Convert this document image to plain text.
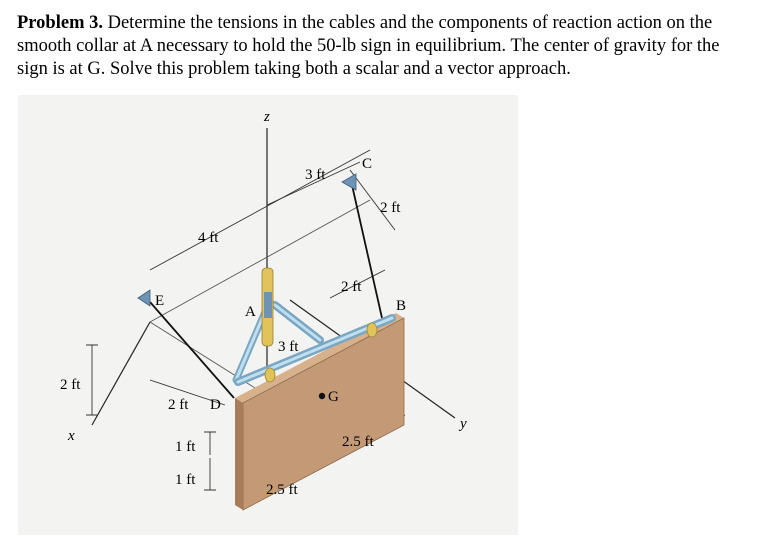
Problem 3. Determine the tensions in the cables and the components of reaction action on the smooth collar at A necessary to hold the 50-lb sign in equilibrium. The center of gravity for the sign is at G. Solve this problem taking both a scalar and a vector approach.

z
x
y
C
E
A	B
D	G
3 ft
2 ft
4 ft
2 ft
3 ft
2 ft
2 ft
1 ft
1 ft
2.5 ft
2.5 ft
